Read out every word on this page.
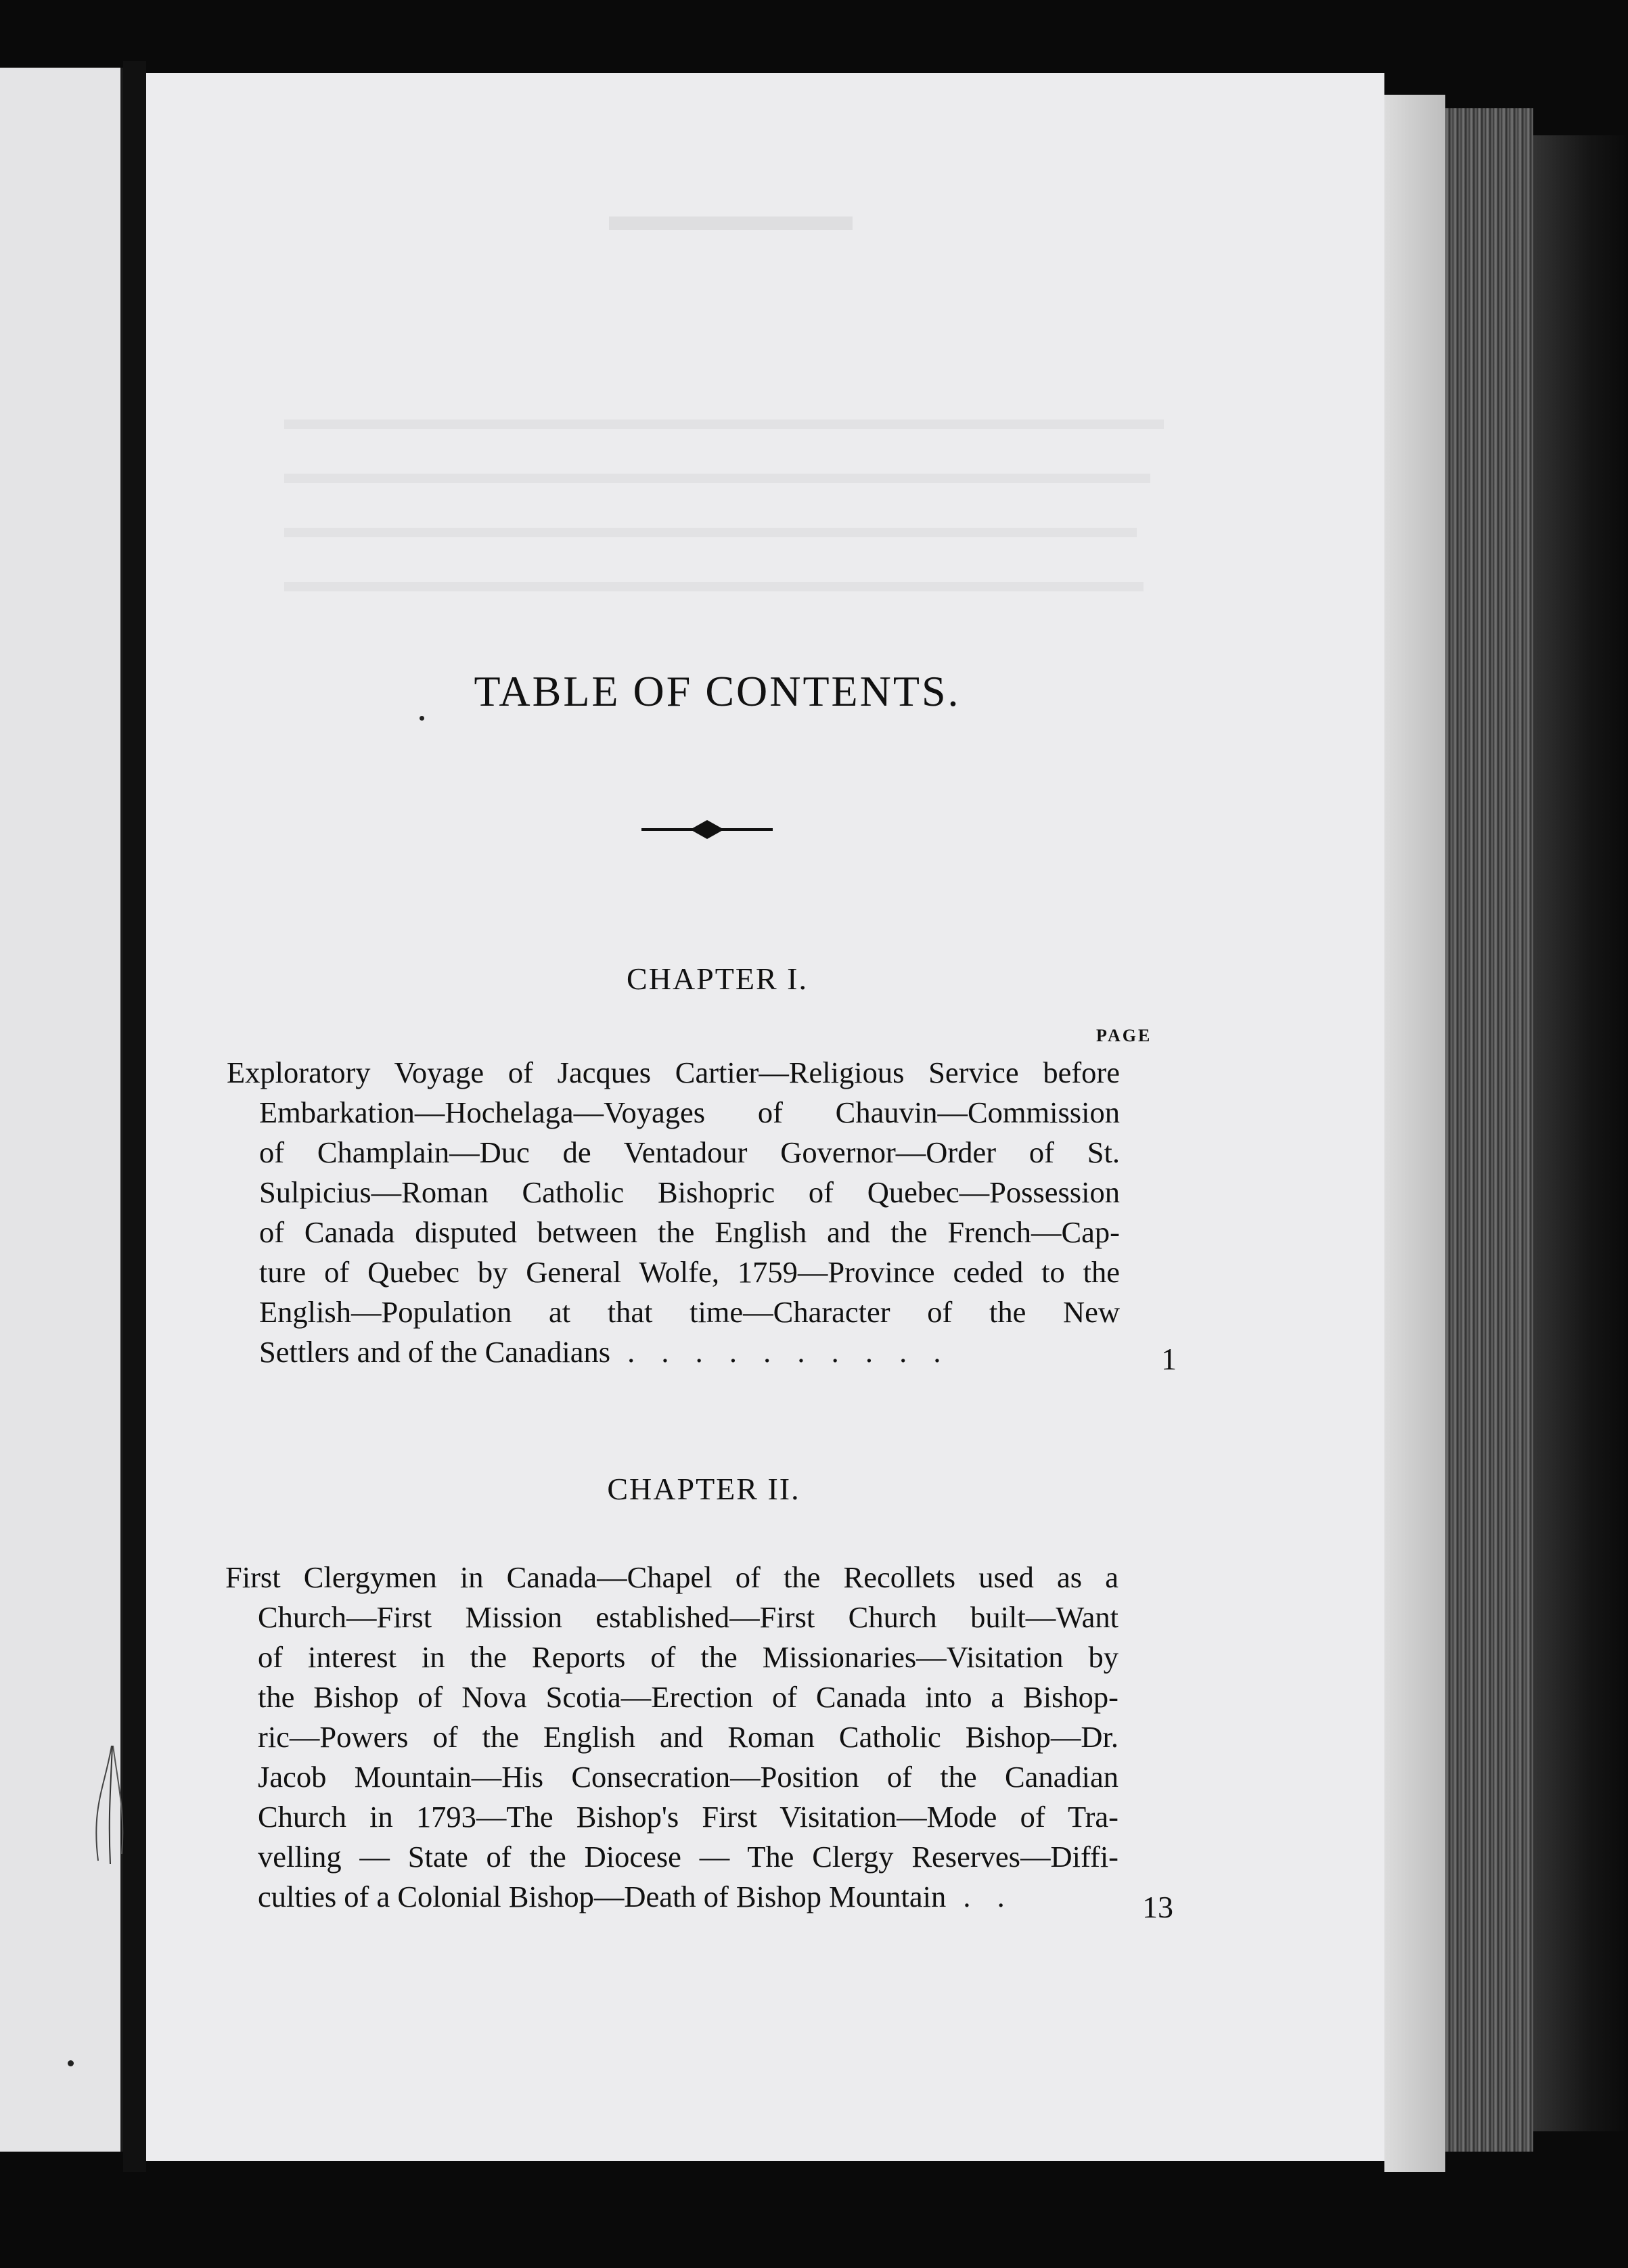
TABLE OF CONTENTS.
CHAPTER I.
PAGE
Exploratory Voyage of Jacques Cartier—Religious Service before
Embarkation—Hochelaga—Voyages of Chauvin—Commission
of Champlain—Duc de Ventadour Governor—Order of St.
Sulpicius—Roman Catholic Bishopric of Quebec—Possession
of Canada disputed between the English and the French—Cap-
ture of Quebec by General Wolfe, 1759—Province ceded to the
English—Population at that time—Character of the New
Settlers and of the Canadians . . . . . . . . . .	1
CHAPTER II.
First Clergymen in Canada—Chapel of the Recollets used as a
Church—First Mission established—First Church built—Want
of interest in the Reports of the Missionaries—Visitation by
the Bishop of Nova Scotia—Erection of Canada into a Bishop-
ric—Powers of the English and Roman Catholic Bishop—Dr.
Jacob Mountain—His Consecration—Position of the Canadian
Church in 1793—The Bishop's First Visitation—Mode of Tra-
velling — State of the Diocese — The Clergy Reserves—Diffi-
culties of a Colonial Bishop—Death of Bishop Mountain . .	13
